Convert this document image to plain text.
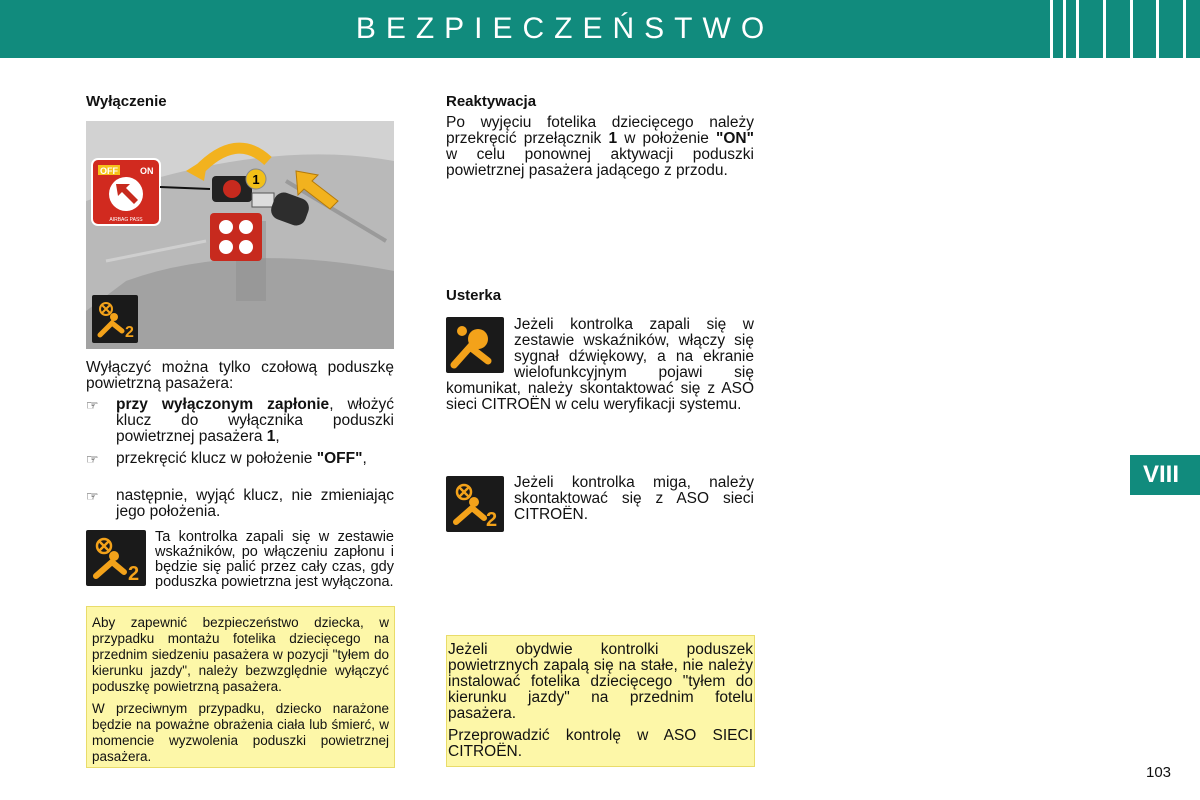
BEZPIECZEŃSTWO
Wyłączenie
1
OFF ON
AIRBAG PASS
2
Wyłączyć można tylko czołową poduszkę powietrzną pasażera:
☞	przy wyłączonym zapłonie, włożyć klucz do wyłącznika poduszki powietrznej pasażera 1,
☞	przekręcić klucz w położenie "OFF",
☞	następnie, wyjąć klucz, nie zmieniając jego położenia.
2
Ta kontrolka zapali się w zestawie wskaźników, po włączeniu zapłonu i będzie się palić przez cały czas, gdy poduszka powietrzna jest wyłączona.
Aby zapewnić bezpieczeństwo dziecka, w przypadku montażu fotelika dziecięcego na przednim siedzeniu pasażera w pozycji "tyłem do kierunku jazdy", należy bezwzględnie wyłączyć poduszkę powietrzną pasażera.
W przeciwnym przypadku, dziecko narażone będzie na poważne obrażenia ciała lub śmierć, w momencie wyzwolenia poduszki powietrznej pasażera.
Reaktywacja
Po wyjęciu fotelika dziecięcego należy przekręcić przełącznik 1 w położenie "ON" w celu ponownej aktywacji poduszki powietrznej pasażera jadącego z przodu.
Usterka
Jeżeli kontrolka zapali się w zestawie wskaźników, włączy się sygnał dźwiękowy, a na ekranie wielofunkcyjnym pojawi się komunikat, należy skontaktować się z ASO sieci CITROËN w celu weryfikacji systemu.
2
Jeżeli kontrolka miga, należy skontaktować się z ASO sieci CITROËN.
Jeżeli obydwie kontrolki poduszek powietrznych zapalą się na stałe, nie należy instalować fotelika dziecięcego "tyłem do kierunku jazdy" na przednim fotelu pasażera.
Przeprowadzić kontrolę w ASO SIECI CITROËN.
VIII
103
